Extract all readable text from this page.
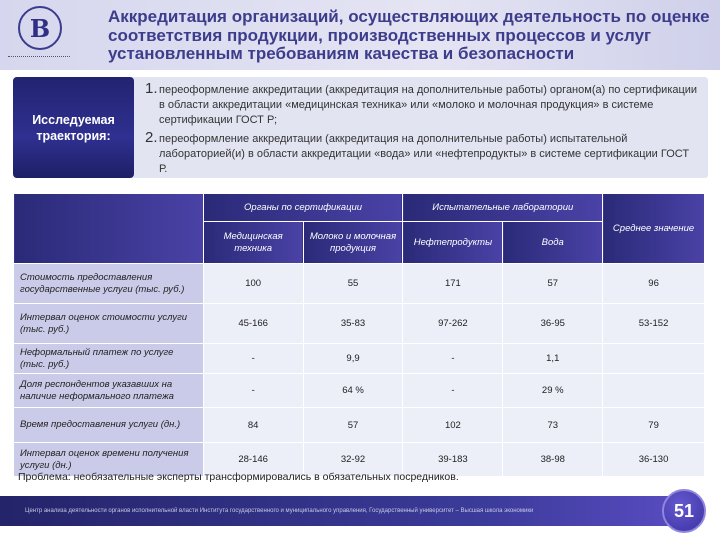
В	Аккредитация организаций, осуществляющих деятельность по оценке соответствия продукции, производственных процессов и услуг установленным требованиям качества и безопасности
Исследуемая траектория:
1. переоформление аккредитации (аккредитация на дополнительные работы) органом(а) по сертификации в области аккредитации «медицинская техника» или «молоко и молочная продукция» в системе сертификации ГОСТ Р;
2. переоформление аккредитации (аккредитация на дополнительные работы) испытательной лабораторией(и) в области аккредитации «вода» или «нефтепродукты» в системе сертификации ГОСТ Р.
	Органы по сертификации		Испытательные лаборатории		Среднее значение
	Медицинская техника	Молоко и молочная продукция	Нефтепродукты	Вода	
Стоимость предоставления государственные услуги (тыс. руб.)	100	55	171	57	96
Интервал оценок стоимости услуги (тыс. руб.)	45-166	35-83	97-262	36-95	53-152
Неформальный платеж по услуге (тыс. руб.)	-	9,9	-	1,1	
Доля респондентов указавших на наличие неформального платежа	-	64 %	-	29 %	
Время предоставления услуги (дн.)	84	57	102	73	79
Интервал оценок времени получения услуги (дн.)	28-146	32-92	39-183	38-98	36-130
Проблема: необязательные эксперты трансформировались в обязательных посредников.
Центр анализа деятельности органов исполнительной власти Института государственного и муниципального управления, Государственный университет – Высшая школа экономики	51
